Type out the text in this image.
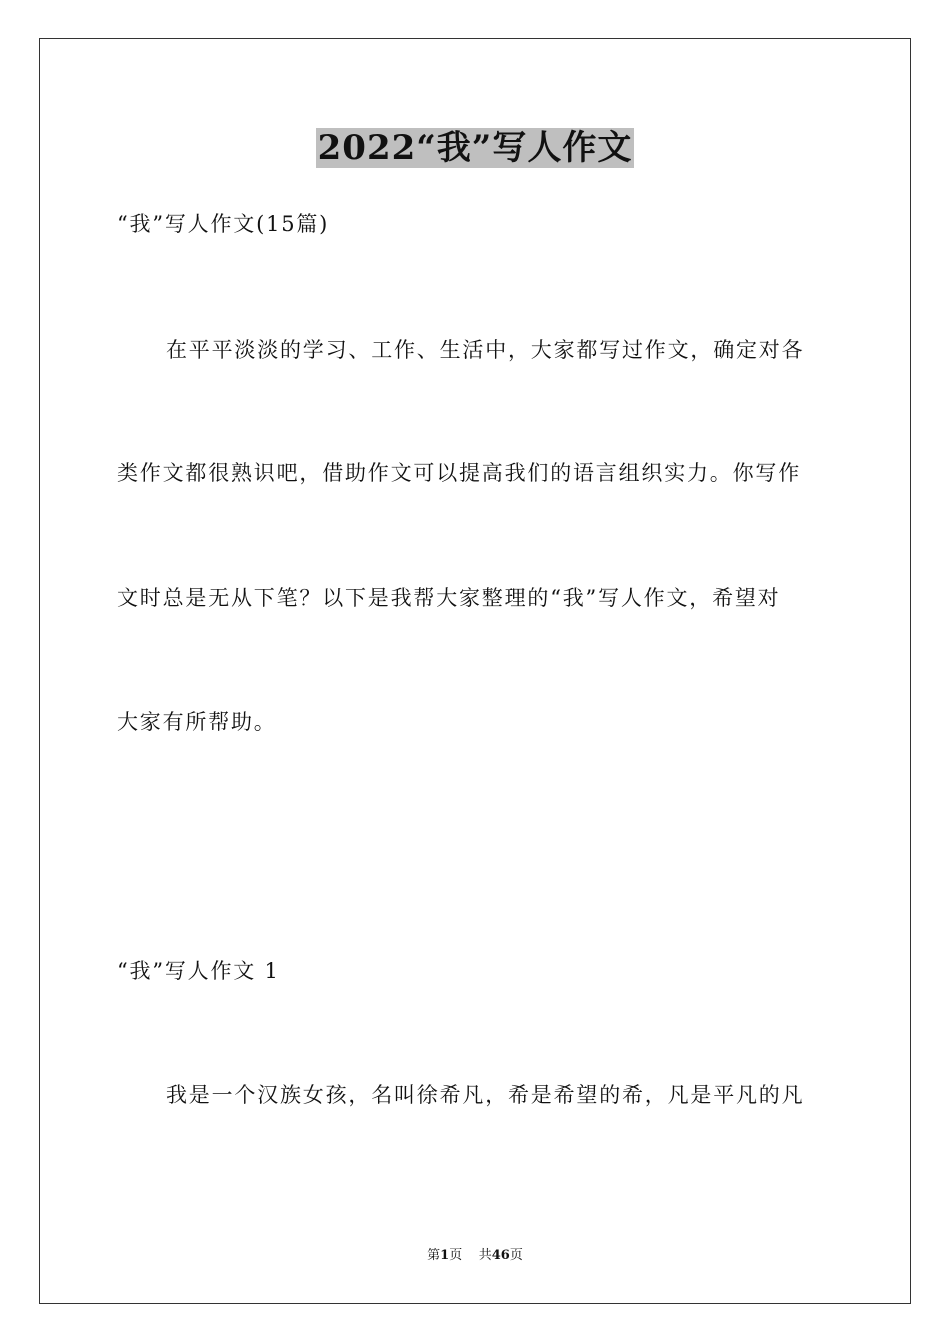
2022“我”写人作文
“我”写人作文(15篇)
在平平淡淡的学习、工作、生活中，大家都写过作文，确定对各
类作文都很熟识吧，借助作文可以提高我们的语言组织实力。你写作
文时总是无从下笔？以下是我帮大家整理的“我”写人作文，希望对
大家有所帮助。
“我”写人作文 1
我是一个汉族女孩，名叫徐希凡，希是希望的希，凡是平凡的凡
第1页 共46页
